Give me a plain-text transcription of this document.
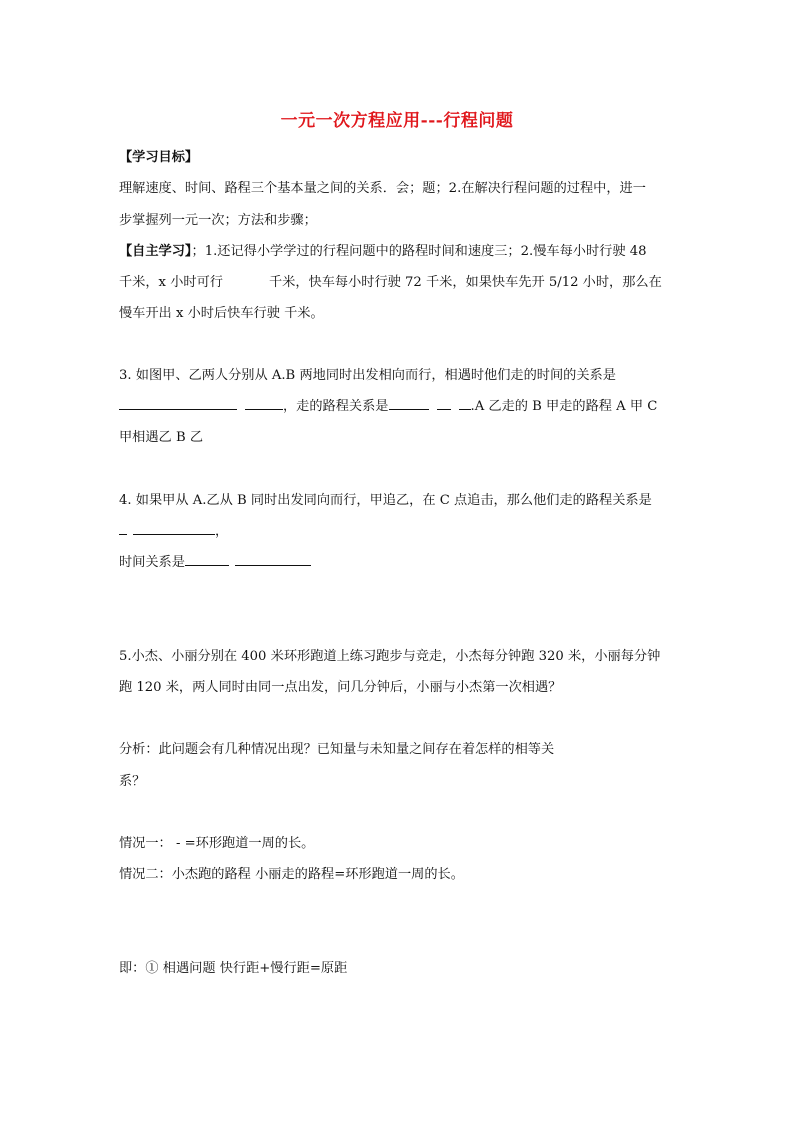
一元一次方程应用---行程问题
【学习目标】
理解速度、时间、路程三个基本量之间的关系．会；题；2.在解决行程问题的过程中，进一
步掌握列一元一次；方法和步骤；
【自主学习】；1.还记得小学学过的行程问题中的路程时间和速度三；2.慢车每小时行驶 48
千米，x 小时可行	千米，快车每小时行驶 72 千米，如果快车先开 5/12 小时，那么在
慢车开出 x 小时后快车行驶 千米。
3. 如图甲、乙两人分别从 A.B 两地同时出发相向而行，相遇时他们走的时间的关系是
，走的路程关系是	.A 乙走的 B 甲走的路程 A 甲 C
甲相遇乙 B 乙
4. 如果甲从 A.乙从 B 同时出发同向而行，甲追乙，在 C 点追击，那么他们走的路程关系是
，
时间关系是
5.小杰、小丽分别在 400 米环形跑道上练习跑步与竞走，小杰每分钟跑 320 米，小丽每分钟
跑 120 米，两人同时由同一点出发，问几分钟后，小丽与小杰第一次相遇？
分析：此问题会有几种情况出现？已知量与未知量之间存在着怎样的相等关
系？
情况一： - =环形跑道一周的长。
情况二：小杰跑的路程 小丽走的路程=环形跑道一周的长。
即：① 相遇问题 快行距+慢行距=原距
